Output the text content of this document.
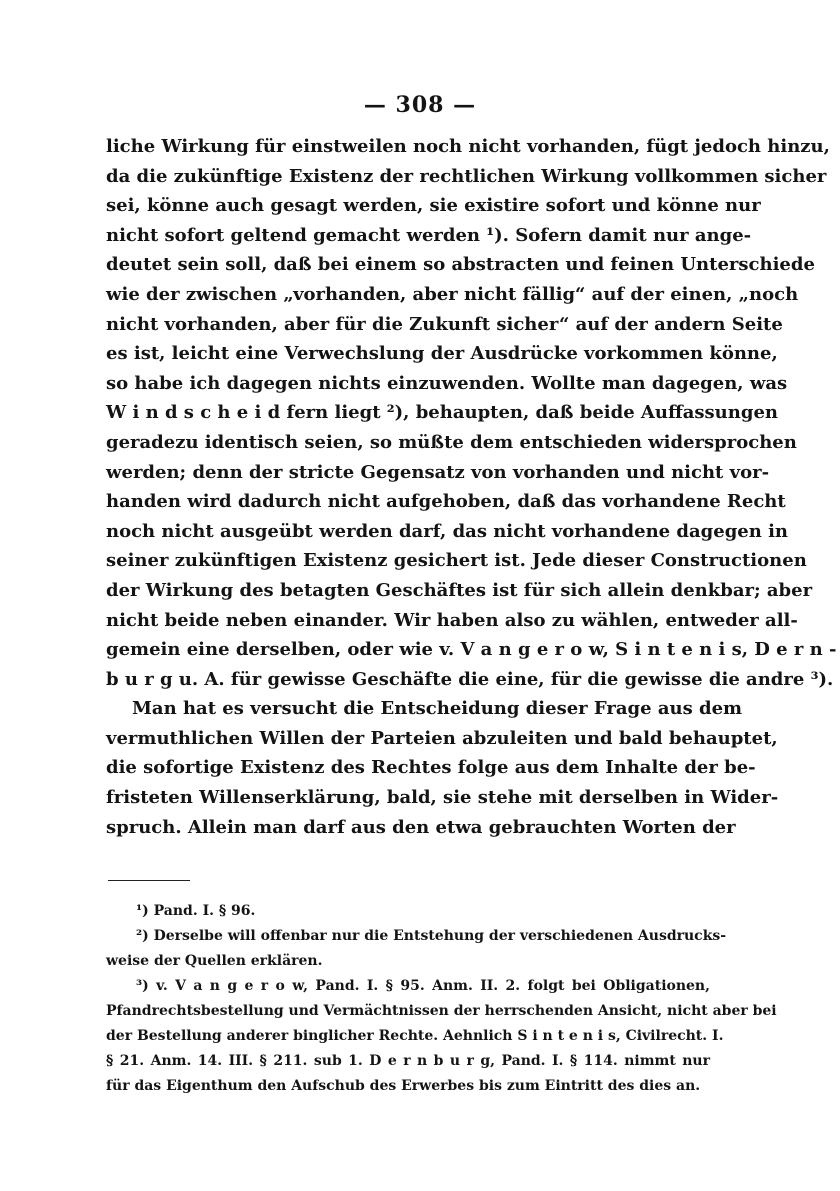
— 308 —
liche Wirkung für einstweilen noch nicht vorhanden, fügt jedoch hinzu,
da die zukünftige Existenz der rechtlichen Wirkung vollkommen sicher
sei, könne auch gesagt werden, sie existire sofort und könne nur
nicht sofort geltend gemacht werden ¹). Sofern damit nur ange-
deutet sein soll, daß bei einem so abstracten und feinen Unterschiede
wie der zwischen „vorhanden, aber nicht fällig“ auf der einen, „noch
nicht vorhanden, aber für die Zukunft sicher“ auf der andern Seite
es ist, leicht eine Verwechslung der Ausdrücke vorkommen könne,
so habe ich dagegen nichts einzuwenden. Wollte man dagegen, was
W i n d s c h e i d fern liegt ²), behaupten, daß beide Auffassungen
geradezu identisch seien, so müßte dem entschieden widersprochen
werden; denn der stricte Gegensatz von vorhanden und nicht vor-
handen wird dadurch nicht aufgehoben, daß das vorhandene Recht
noch nicht ausgeübt werden darf, das nicht vorhandene dagegen in
seiner zukünftigen Existenz gesichert ist. Jede dieser Constructionen
der Wirkung des betagten Geschäftes ist für sich allein denkbar; aber
nicht beide neben einander. Wir haben also zu wählen, entweder all-
gemein eine derselben, oder wie v. V a n g e r o w, S i n t e n i s, D e r n -
b u r g u. A. für gewisse Geschäfte die eine, für die gewisse die andre ³).
Man hat es versucht die Entscheidung dieser Frage aus dem
vermuthlichen Willen der Parteien abzuleiten und bald behauptet,
die sofortige Existenz des Rechtes folge aus dem Inhalte der be-
fristeten Willenserklärung, bald, sie stehe mit derselben in Wider-
spruch. Allein man darf aus den etwa gebrauchten Worten der
¹) Pand. I. § 96.
²) Derselbe will offenbar nur die Entstehung der verschiedenen Ausdrucks-
weise der Quellen erklären.
³) v. V a n g e r o w, Pand. I. § 95. Anm. II. 2. folgt bei Obligationen,
Pfandrechtsbestellung und Vermächtnissen der herrschenden Ansicht, nicht aber bei
der Bestellung anderer binglicher Rechte. Aehnlich S i n t e n i s, Civilrecht. I.
§ 21. Anm. 14. III. § 211. sub 1. D e r n b u r g, Pand. I. § 114. nimmt nur
für das Eigenthum den Aufschub des Erwerbes bis zum Eintritt des dies an.
